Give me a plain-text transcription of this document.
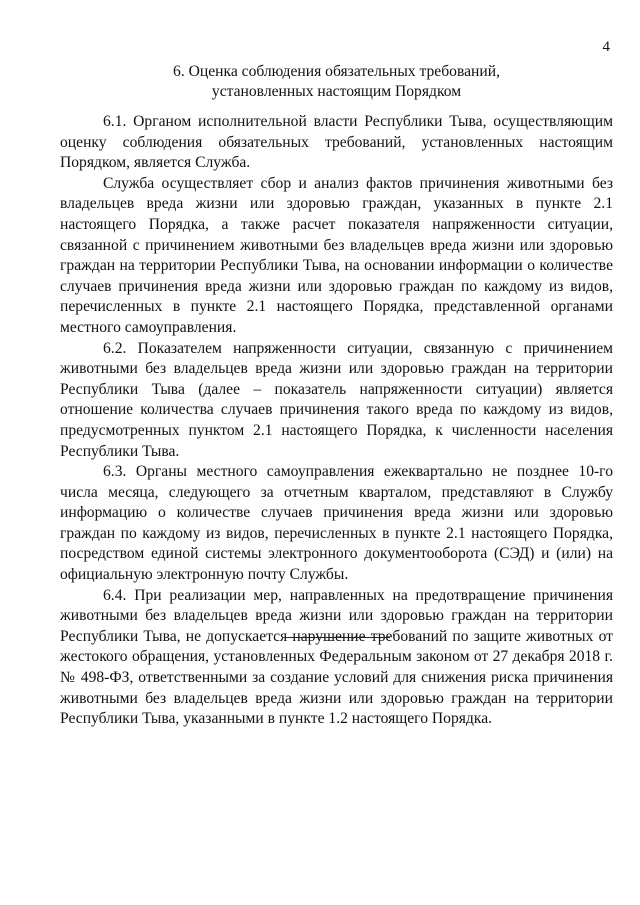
4
6. Оценка соблюдения обязательных требований,
установленных настоящим Порядком

6.1. Органом исполнительной власти Республики Тыва, осуществляющим оценку соблюдения обязательных требований, установленных настоящим Порядком, является Служба.

Служба осуществляет сбор и анализ фактов причинения животными без владельцев вреда жизни или здоровью граждан, указанных в пункте 2.1 настоящего Порядка, а также расчет показателя напряженности ситуации, связанной с причинением животными без владельцев вреда жизни или здоровью граждан на территории Республики Тыва, на основании информации о количестве случаев причинения вреда жизни или здоровью граждан по каждому из видов, перечисленных в пункте 2.1 настоящего Порядка, представленной органами местного самоуправления.

6.2. Показателем напряженности ситуации, связанную с причинением животными без владельцев вреда жизни или здоровью граждан на территории Республики Тыва (далее – показатель напряженности ситуации) является отношение количества случаев причинения такого вреда по каждому из видов, предусмотренных пунктом 2.1 настоящего Порядка, к численности населения Республики Тыва.

6.3. Органы местного самоуправления ежеквартально не позднее 10-го числа месяца, следующего за отчетным кварталом, представляют в Службу информацию о количестве случаев причинения вреда жизни или здоровью граждан по каждому из видов, перечисленных в пункте 2.1 настоящего Порядка, посредством единой системы электронного документооборота (СЭД) и (или) на официальную электронную почту Службы.

6.4. При реализации мер, направленных на предотвращение причинения животными без владельцев вреда жизни или здоровью граждан на территории Республики Тыва, не допускается нарушение требований по защите животных от жестокого обращения, установленных Федеральным законом от 27 декабря 2018 г. № 498-ФЗ, ответственными за создание условий для снижения риска причинения животными без владельцев вреда жизни или здоровью граждан на территории Республики Тыва, указанными в пункте 1.2 настоящего Порядка.
